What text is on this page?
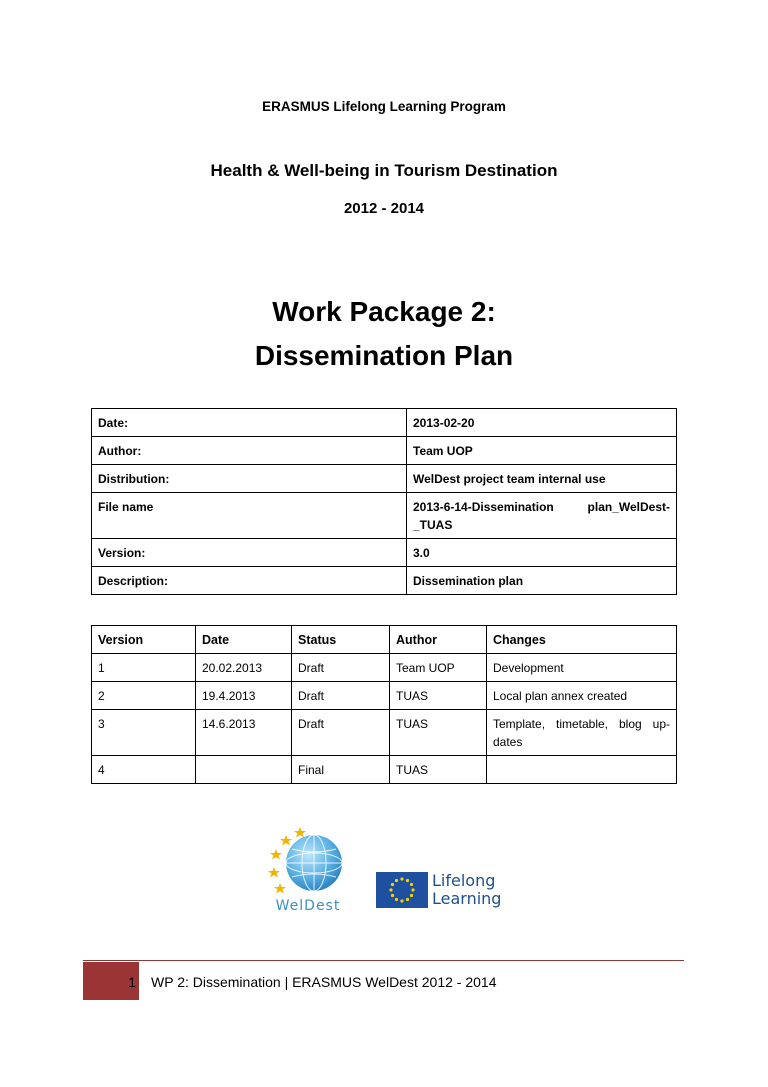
ERASMUS Lifelong Learning Program
Health & Well-being in Tourism Destination
2012 - 2014
Work Package 2:
Dissemination Plan
Date:	2013-02-20
Author:	Team UOP
Distribution:	WelDest project team internal use
File name	2013-6-14-Dissemination plan_WelDest-_TUAS
Version:	3.0
Description:	Dissemination plan
Version	Date	Status	Author	Changes
1	20.02.2013	Draft	Team UOP	Development
2	19.4.2013	Draft	TUAS	Local plan annex created
3	14.6.2013	Draft	TUAS	Template, timetable, blog up-dates
4		Final	TUAS	
WelDest
Lifelong
Learning
1 WP 2: Dissemination | ERASMUS WelDest 2012 - 2014
